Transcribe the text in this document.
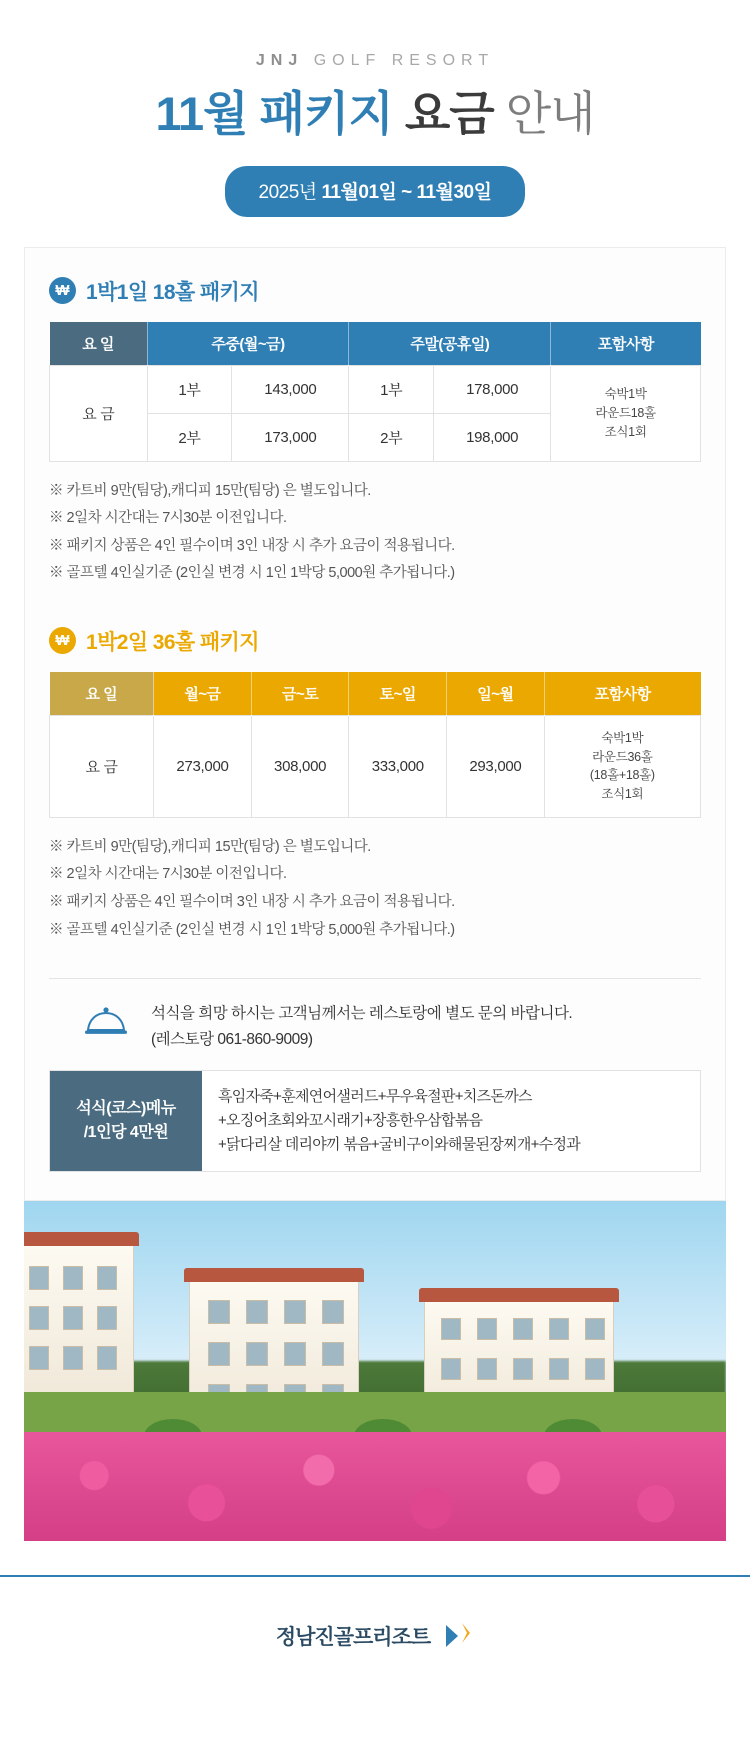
JNJ GOLF RESORT
11월 패키지 요금 안내
2025년 11월01일 ~ 11월30일
₩ 1박1일 18홀 패키지
요 일	주중(월~금)		주말(공휴일)		포함사항
요 금	1부	143,000	1부	178,000	숙박1박
라운드18홀
조식1회

	2부	173,000	2부	198,000	
※ 카트비 9만(팀당),캐디피 15만(팀당) 은 별도입니다.
※ 2일차 시간대는 7시30분 이전입니다.
※ 패키지 상품은 4인 필수이며 3인 내장 시 추가 요금이 적용됩니다.
※ 골프텔 4인실기준 (2인실 변경 시 1인 1박당 5,000원 추가됩니다.)
₩ 1박2일 36홀 패키지
요 일	월~금	금~토	토~일	일~월	포함사항
요 금	273,000	308,000	333,000	293,000	숙박1박
라운드36홀
(18홀+18홀)
조식1회
※ 카트비 9만(팀당),캐디피 15만(팀당) 은 별도입니다.
※ 2일차 시간대는 7시30분 이전입니다.
※ 패키지 상품은 4인 필수이며 3인 내장 시 추가 요금이 적용됩니다.
※ 골프텔 4인실기준 (2인실 변경 시 1인 1박당 5,000원 추가됩니다.)
석식을 희망 하시는 고객님께서는 레스토랑에 별도 문의 바랍니다.
(레스토랑 061-860-9009)
석식(코스)메뉴
/1인당 4만원
흑임자죽+훈제연어샐러드+무우육절판+치즈돈까스
+오징어초회와꼬시래기+장흥한우삼합볶음
+닭다리살 데리야끼 볶음+굴비구이와해물된장찌개+수정과
정남진골프리조트
